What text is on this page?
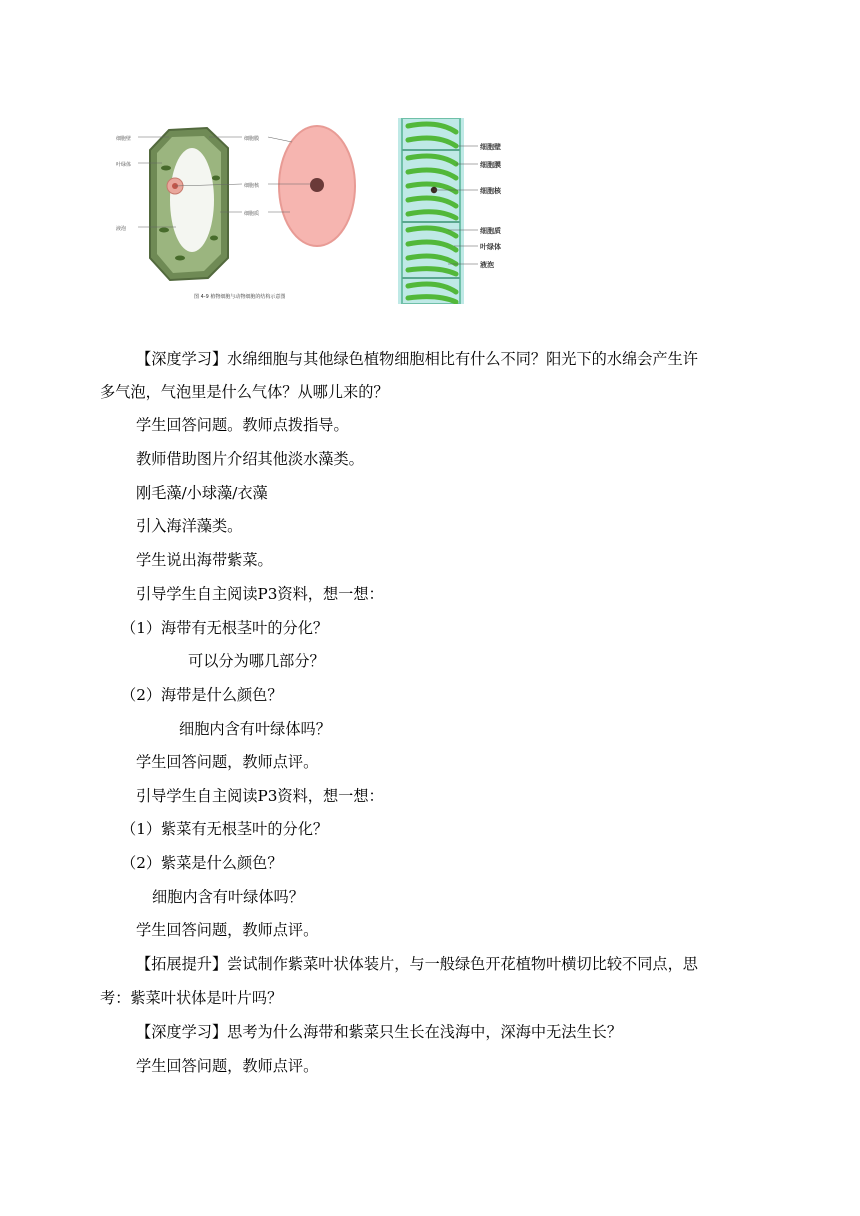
细胞壁
叶绿体
液泡
细胞膜
细胞核
细胞质
图 4-9 植物细胞与动物细胞的结构示意图
细胞壁
细胞膜
细胞核
细胞质
叶绿体
液泡
【深度学习】水绵细胞与其他绿色植物细胞相比有什么不同？阳光下的水绵会产生许
多气泡，气泡里是什么气体？从哪儿来的？
学生回答问题。教师点拨指导。
教师借助图片介绍其他淡水藻类。
刚毛藻/小球藻/衣藻
引入海洋藻类。
学生说出海带紫菜。
引导学生自主阅读P3资料，想一想：
（1）海带有无根茎叶的分化？
可以分为哪几部分？
（2）海带是什么颜色？
细胞内含有叶绿体吗？
学生回答问题，教师点评。
引导学生自主阅读P3资料，想一想：
（1）紫菜有无根茎叶的分化？
（2）紫菜是什么颜色？
细胞内含有叶绿体吗？
学生回答问题，教师点评。
【拓展提升】尝试制作紫菜叶状体装片，与一般绿色开花植物叶横切比较不同点，思
考：紫菜叶状体是叶片吗？
【深度学习】思考为什么海带和紫菜只生长在浅海中，深海中无法生长？
学生回答问题，教师点评。
